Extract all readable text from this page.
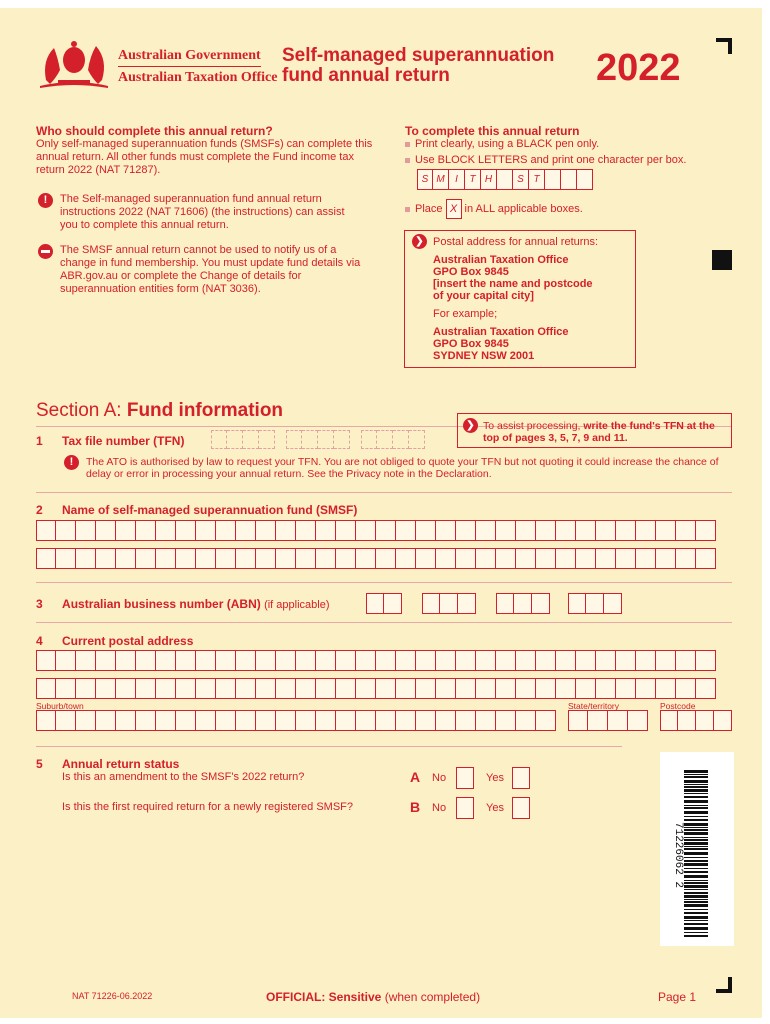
Australian Government
Australian Taxation Office
Self-managed superannuation
fund annual return	2022
Who should complete this annual return?
Only self-managed superannuation funds (SMSFs) can complete this annual return. All other funds must complete the Fund income tax return 2022 (NAT 71287).
!	The Self-managed superannuation fund annual return instructions 2022 (NAT 71606) (the instructions) can assist you to complete this annual return.
The SMSF annual return cannot be used to notify us of a change in fund membership. You must update fund details via ABR.gov.au or complete the Change of details for superannuation entities form (NAT 3036).
To complete this annual return
Print clearly, using a BLACK pen only.
Use BLOCK LETTERS and print one character per box.
S M	I	T H	S T
Place X in ALL applicable boxes.
❯ Postal address for annual returns:
Australian Taxation Office
GPO Box 9845
[insert the name and postcode
of your capital city]
For example;
Australian Taxation Office
GPO Box 9845
SYDNEY NSW 2001
Section A: Fund information
❯ To assist processing, write the fund's TFN at the top of pages 3, 5, 7, 9 and 11.
1 Tax file number (TFN)
!	The ATO is authorised by law to request your TFN. You are not obliged to quote your TFN but not quoting it could increase the chance of delay or error in processing your annual return. See the Privacy note in the Declaration.
2 Name of self-managed superannuation fund (SMSF)
3 Australian business number (ABN) (if applicable)
4 Current postal address
Suburb/town	State/territory	Postcode
5 Annual return status
Is this an amendment to the SMSF's 2022 return?	A No	Yes
Is this the first required return for a newly registered SMSF?	B No	Yes
71226062 2
NAT 71226-06.2022	OFFICIAL: Sensitive (when completed)	Page 1
